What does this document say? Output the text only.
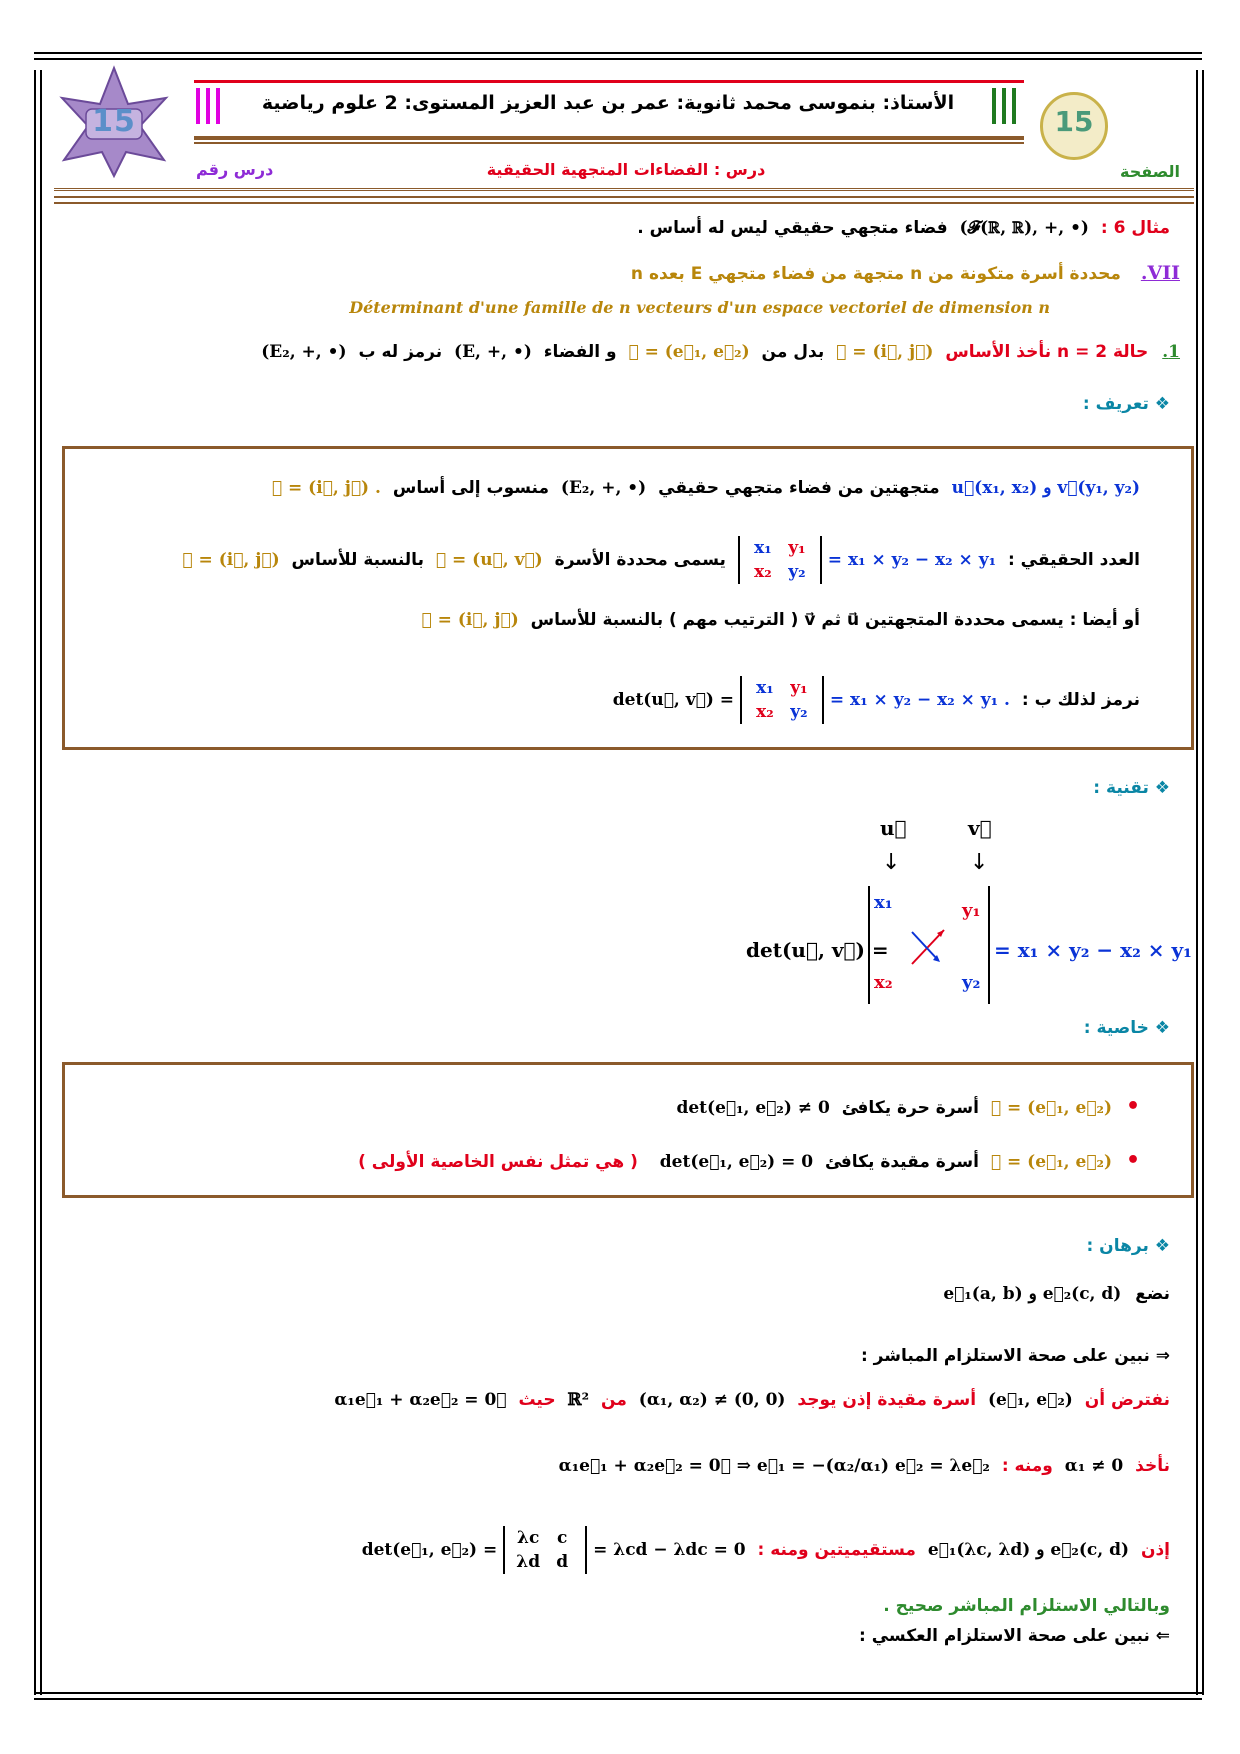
15
الأستاذ: بنموسى محمد ثانوية: عمر بن عبد العزيز المستوى: 2 علوم رياضية
15
الصفحة
درس : الفضاءات المتجهية الحقيقية
درس رقم
مثال 6 : (𝓕(ℝ, ℝ), +, •) فضاء متجهي حقيقي ليس له أساس .
VII. محددة أسرة متكونة من n متجهة من فضاء متجهي E بعده n
Déterminant d'une famille de n vecteurs d'un espace vectoriel de dimension n
1. حالة n = 2 نأخذ الأساس 𝓑 = (i⃗, j⃗) بدل من 𝓑 = (e⃗₁, e⃗₂) و الفضاء (E, +, •) نرمز له ب (E₂, +, •)
❖ تعريف :
u⃗(x₁, x₂) و v⃗(y₁, y₂) متجهتين من فضاء متجهي حقيقي (E₂, +, •) منسوب إلى أساس 𝓑 = (i⃗, j⃗) .
العدد الحقيقي : x₁ y₁
x₂ y₂ = x₁ × y₂ − x₂ × y₁ يسمى محددة الأسرة 𝓕 = (u⃗, v⃗) بالنسبة للأساس 𝓑 = (i⃗, j⃗)
أو أيضا : يسمى محددة المتجهتين u⃗ ثم v⃗ ( الترتيب مهم ) بالنسبة للأساس 𝓑 = (i⃗, j⃗)
نرمز لذلك ب : det(u⃗, v⃗) = x₁ y₁
x₂ y₂ = x₁ × y₂ − x₂ × y₁ .
❖ تقنية :
u⃗	v⃗
↓	↓
det(u⃗, v⃗) =
x₁	y₁
x₂	y₂
= x₁ × y₂ − x₂ × y₁
❖ خاصية :
• 𝓑 = (e⃗₁, e⃗₂) أسرة حرة يكافئ det(e⃗₁, e⃗₂) ≠ 0
• 𝓑 = (e⃗₁, e⃗₂) أسرة مقيدة يكافئ det(e⃗₁, e⃗₂) = 0 ( هي تمثل نفس الخاصية الأولى )
❖ برهان :
نضع e⃗₁(a, b) و e⃗₂(c, d)
⇒ نبين على صحة الاستلزام المباشر :
نفترض أن (e⃗₁, e⃗₂) أسرة مقيدة إذن يوجد (α₁, α₂) ≠ (0, 0) من ℝ² حيث α₁e⃗₁ + α₂e⃗₂ = 0⃗
نأخذ α₁ ≠ 0 ومنه : α₁e⃗₁ + α₂e⃗₂ = 0⃗ ⇒ e⃗₁ = −(α₂/α₁) e⃗₂ = λe⃗₂
إذن e⃗₁(λc, λd) و e⃗₂(c, d) مستقيميتين ومنه : det(e⃗₁, e⃗₂) = λc c
λd d = λcd − λdc = 0
وبالتالي الاستلزام المباشر صحيح .
⇐ نبين على صحة الاستلزام العكسي :
